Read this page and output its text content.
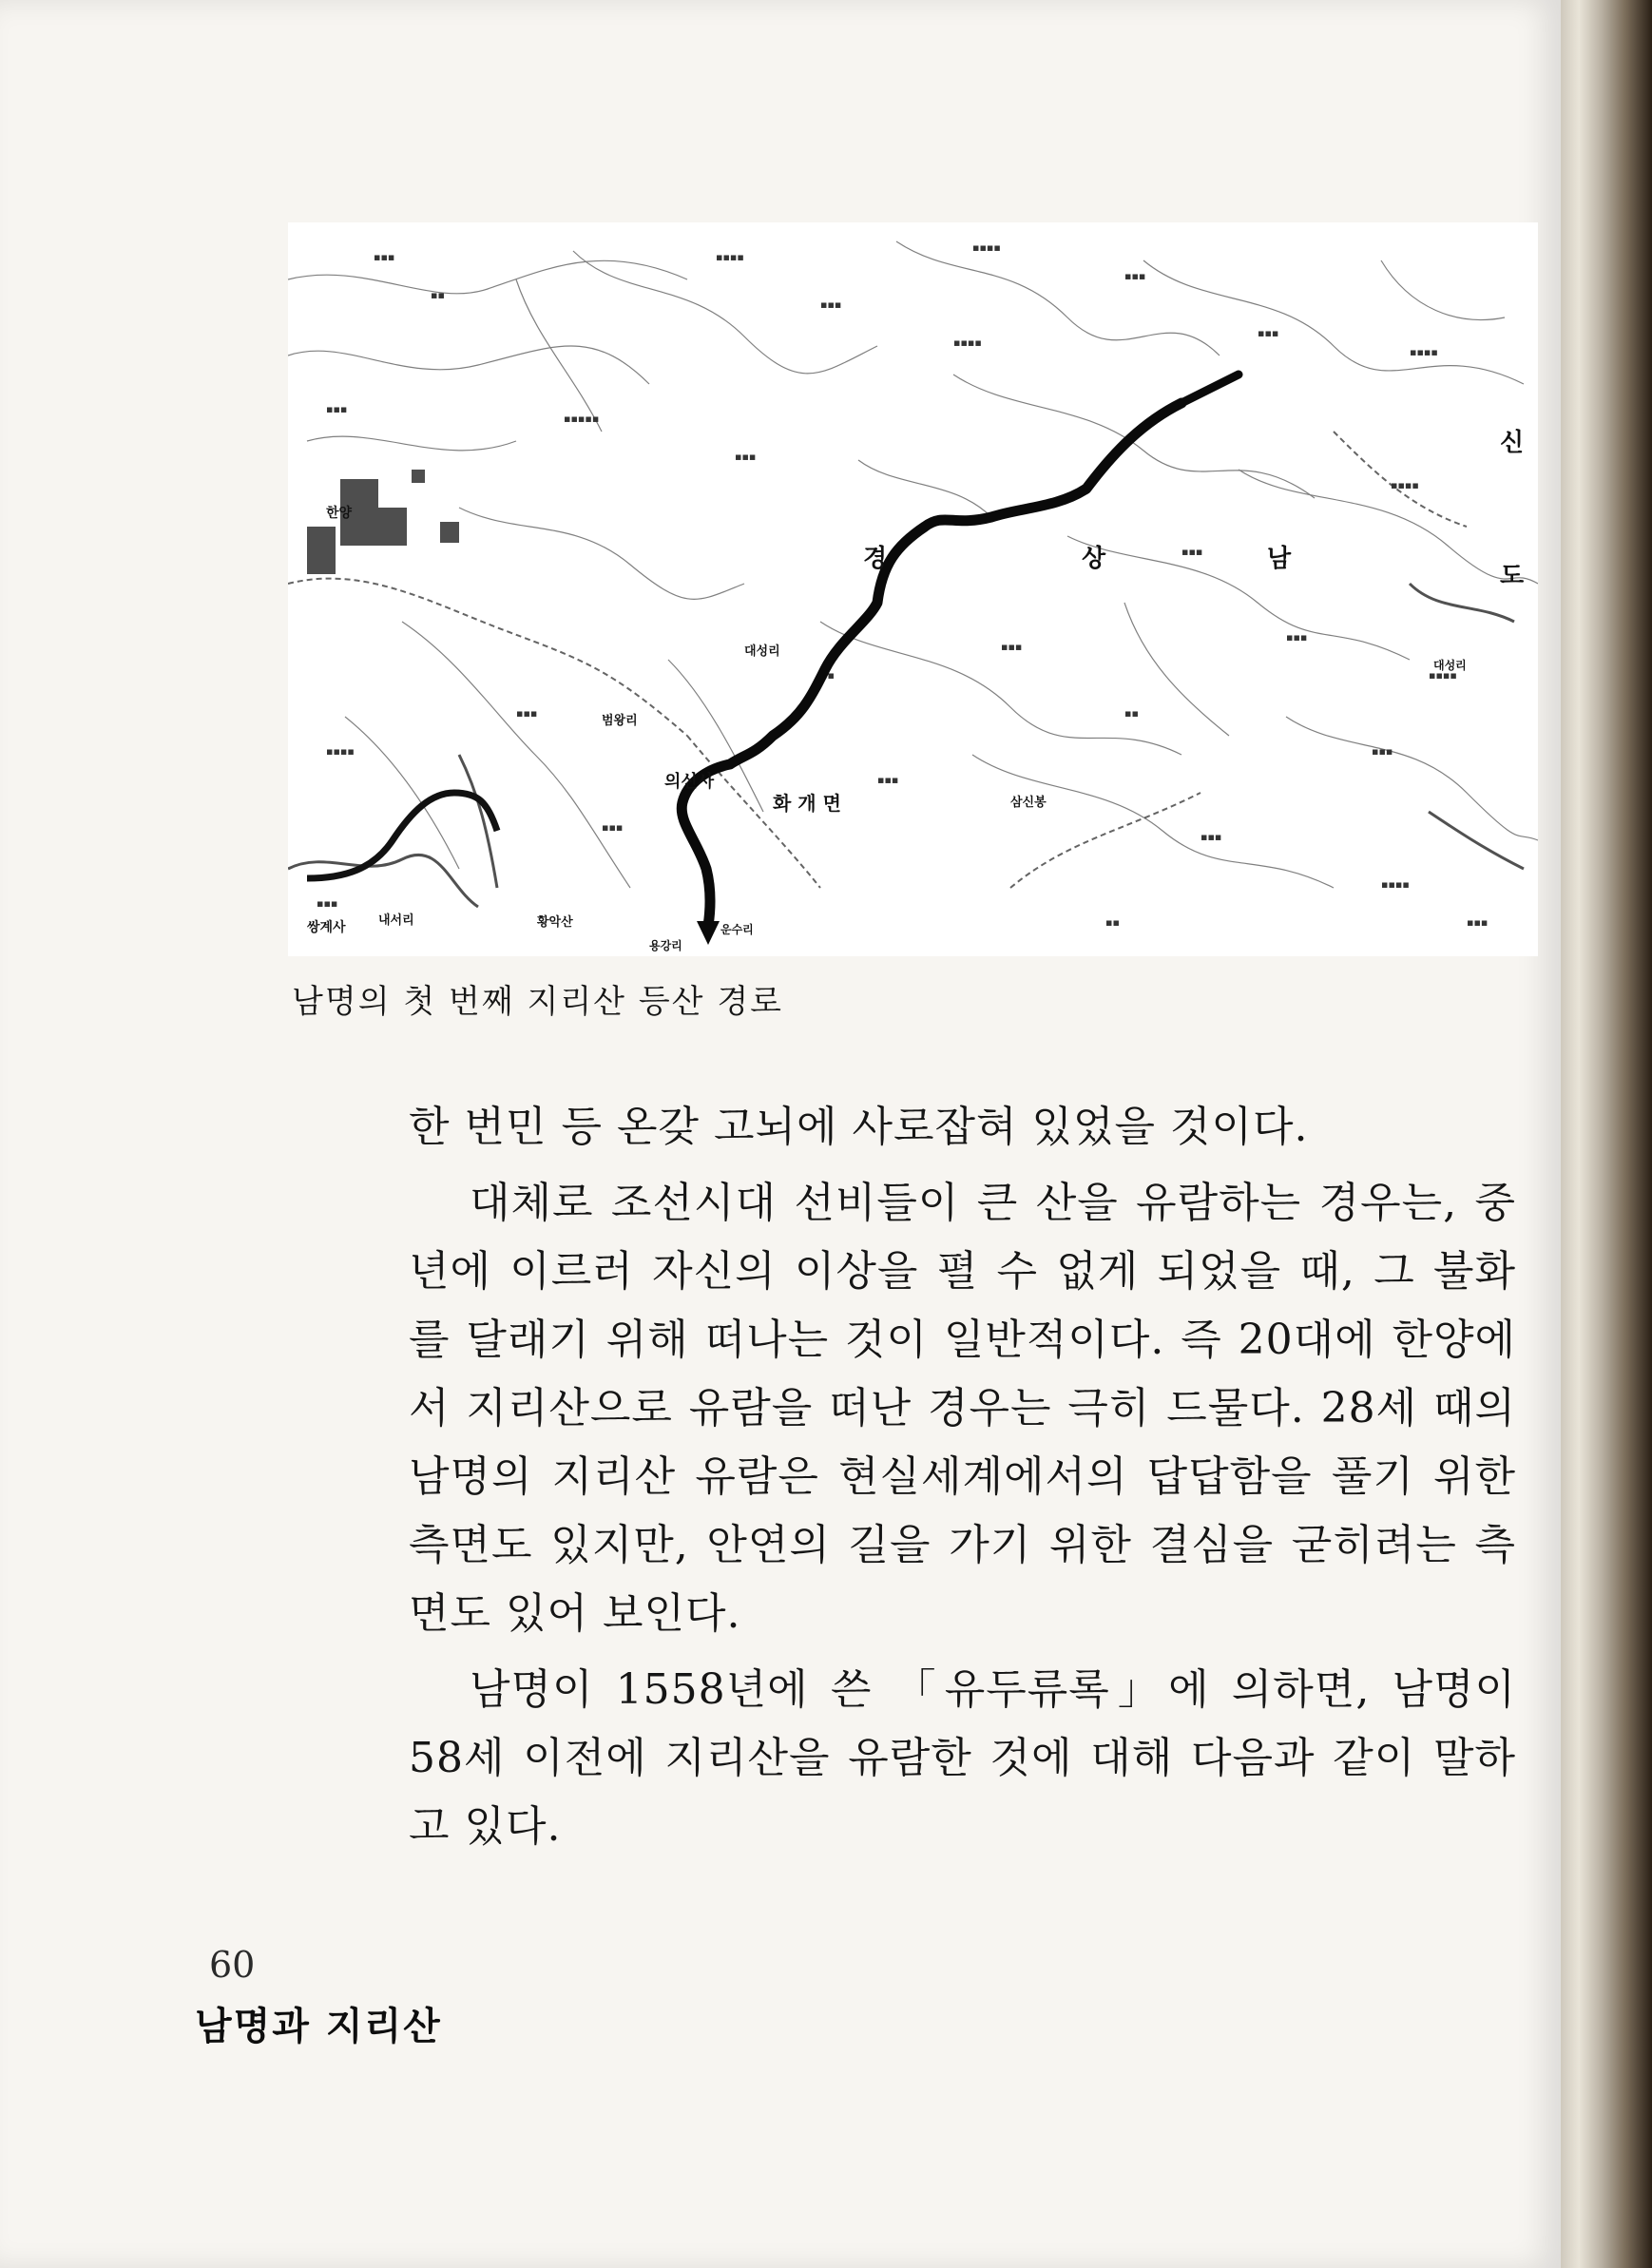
▪▪▪
▪▪
▪▪▪▪
▪▪▪▪
▪▪▪
▪▪▪
▪▪▪▪
▪▪▪
▪▪▪▪
▪▪▪
▪▪▪▪▪
▪▪▪
▪▪▪▪
▪▪▪
▪▪▪
▪▪▪▪
▪▪▪▪
▪▪▪
▪▪▪
▪▪
▪▪▪
▪▪
▪▪▪
▪▪▪
▪▪▪▪
▪▪▪
▪▪▪
▪▪	▪▪▪
경	상	남
도
신
화 개 면
의신사
대성리
범왕리
삼신봉
한양
쌍계사	내서리	황악산	운수리
용강리
대성리
남명의 첫 번째 지리산 등산 경로

한 번민 등 온갖 고뇌에 사로잡혀 있었을 것이다.

대체로 조선시대 선비들이 큰 산을 유람하는 경우는, 중년에 이르러 자신의 이상을 펼 수 없게 되었을 때, 그 불화를 달래기 위해 떠나는 것이 일반적이다. 즉 20대에 한양에서 지리산으로 유람을 떠난 경우는 극히 드물다. 28세 때의 남명의 지리산 유람은 현실세계에서의 답답함을 풀기 위한 측면도 있지만, 안연의 길을 가기 위한 결심을 굳히려는 측면도 있어 보인다.

남명이 1558년에 쓴 「유두류록」에 의하면, 남명이 58세 이전에 지리산을 유람한 것에 대해 다음과 같이 말하고 있다.

60
남명과 지리산
